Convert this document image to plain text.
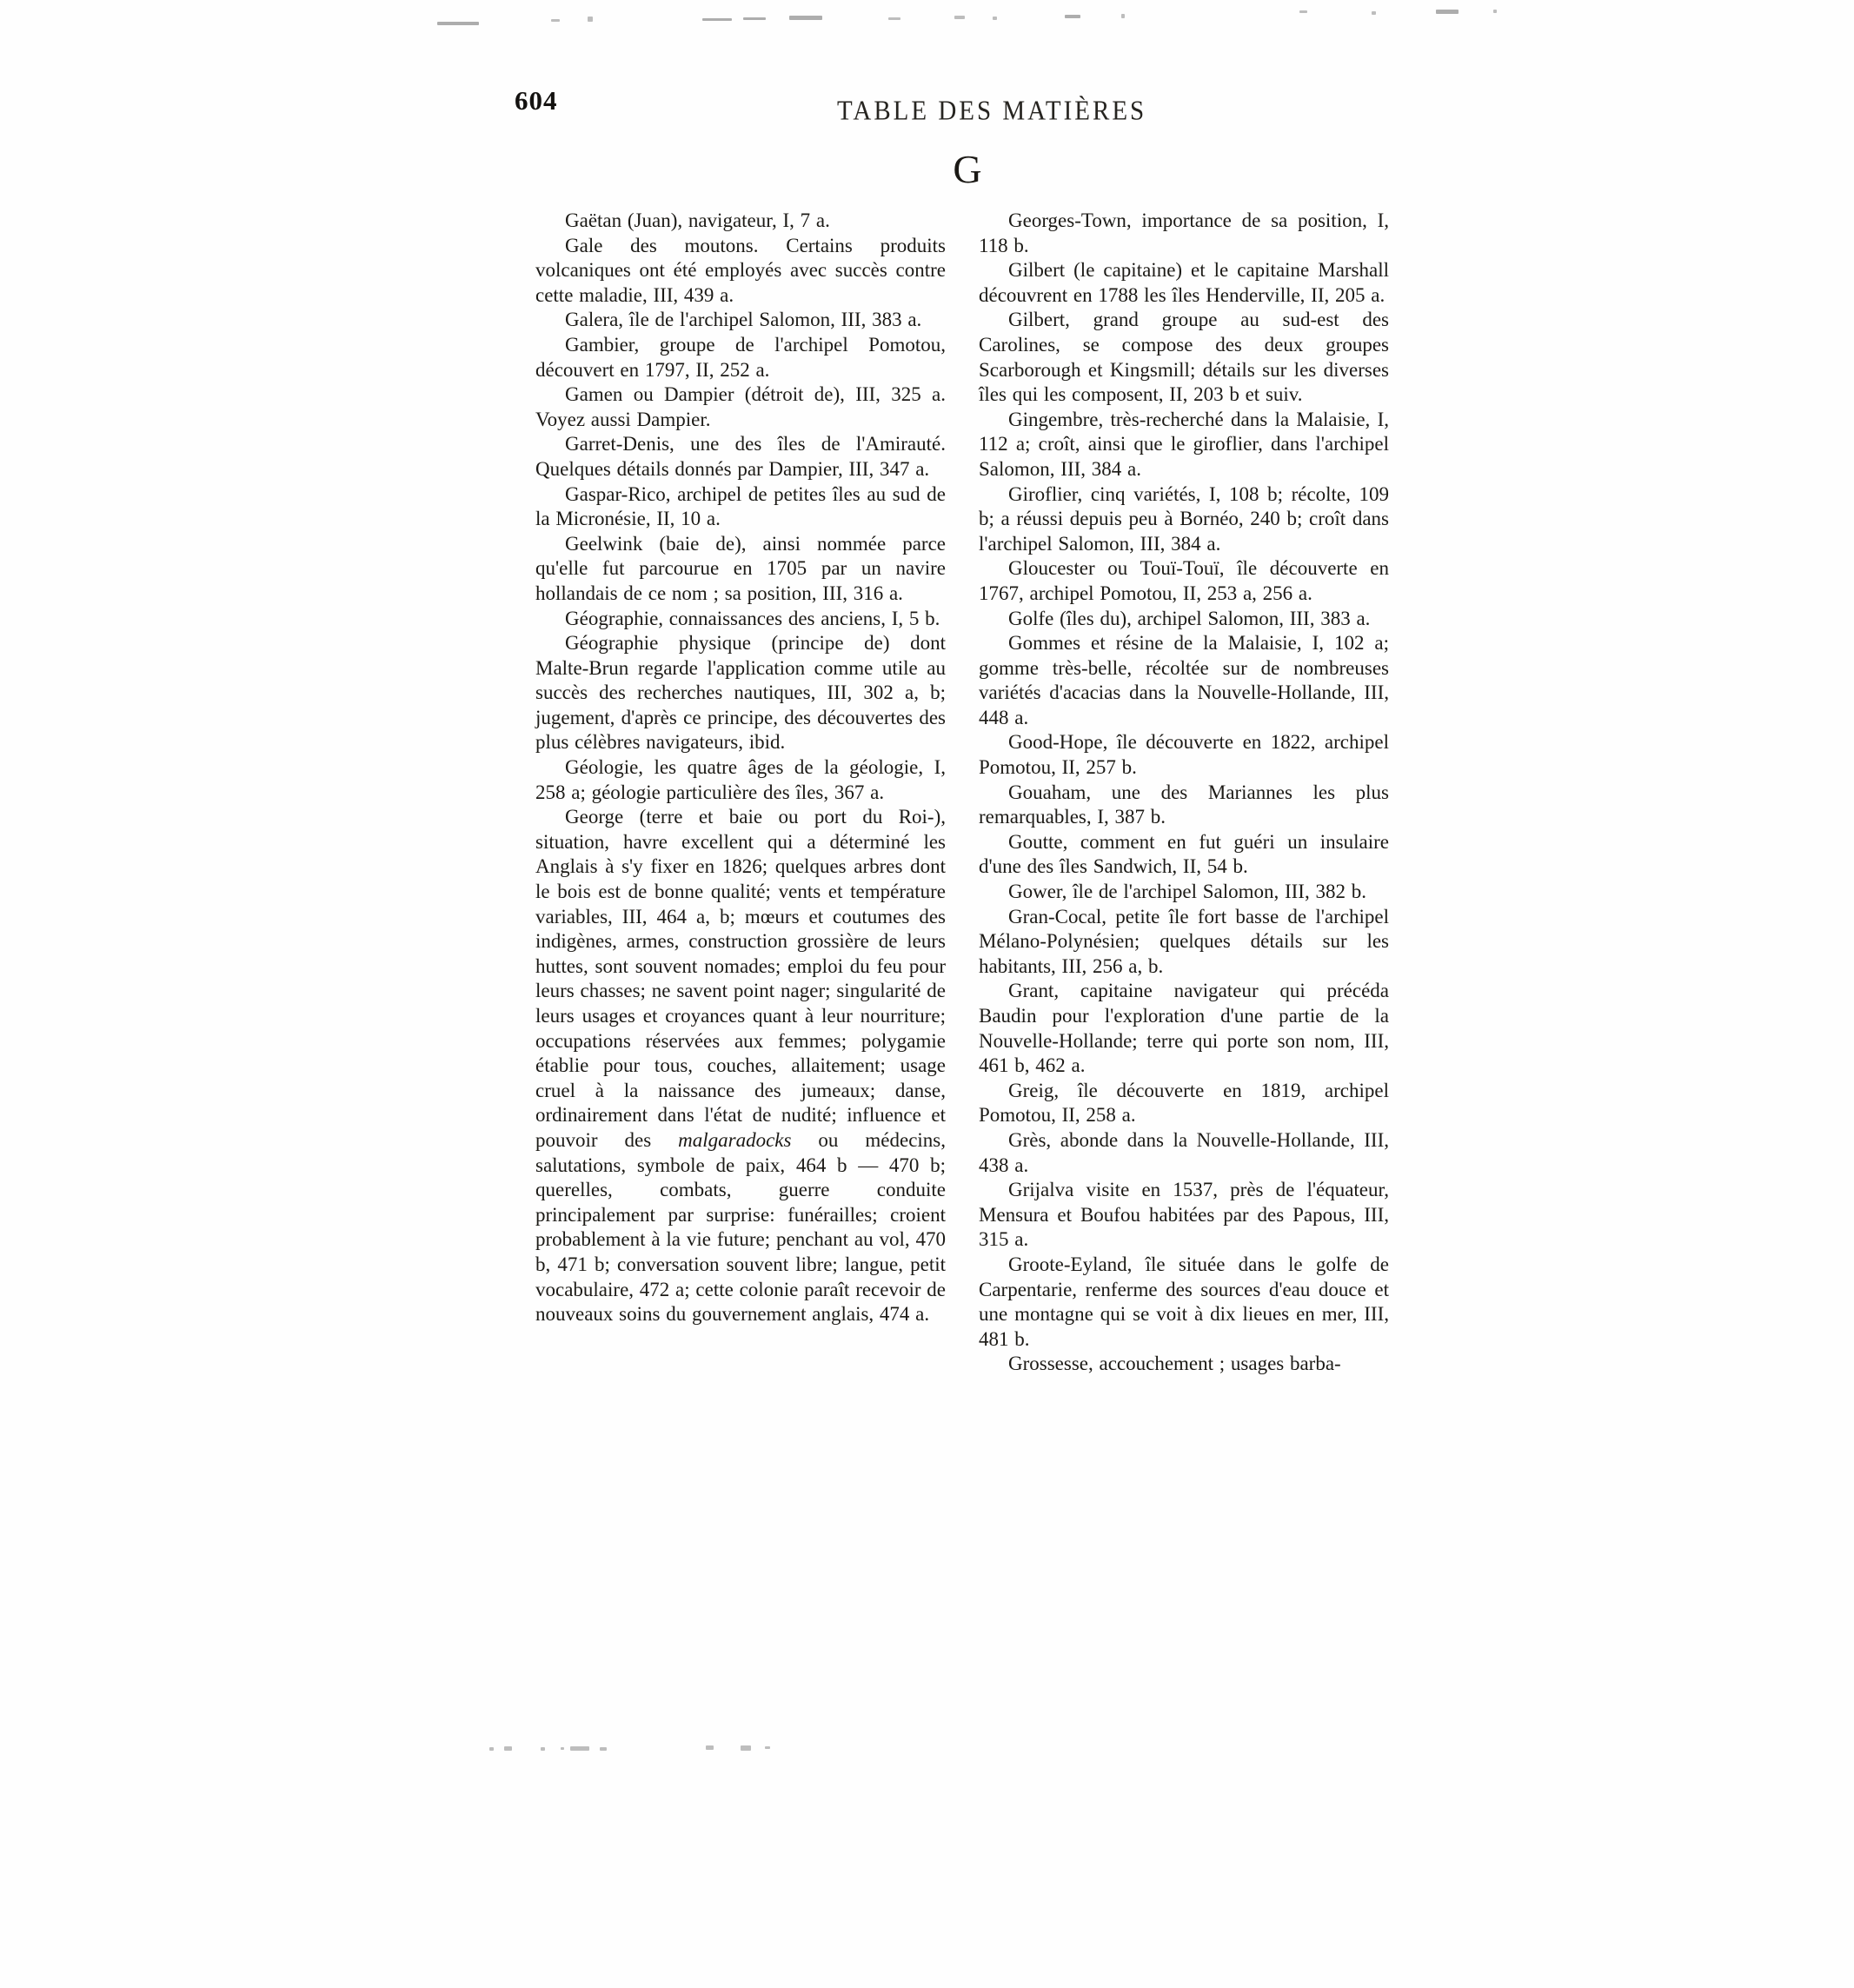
604	TABLE DES MATIÈRES
G

Gaëtan (Juan), navigateur, I, 7 a.

Gale des moutons. Certains produits volcaniques ont été employés avec succès contre cette maladie, III, 439 a.

Galera, île de l'archipel Salomon, III, 383 a.

Gambier, groupe de l'archipel Pomotou, découvert en 1797, II, 252 a.

Gamen ou Dampier (détroit de), III, 325 a. Voyez aussi Dampier.

Garret-Denis, une des îles de l'Amirauté. Quelques détails donnés par Dampier, III, 347 a.

Gaspar-Rico, archipel de petites îles au sud de la Micronésie, II, 10 a.

Geelwink (baie de), ainsi nommée parce qu'elle fut parcourue en 1705 par un navire hollandais de ce nom ; sa position, III, 316 a.

Géographie, connaissances des anciens, I, 5 b.

Géographie physique (principe de) dont Malte-Brun regarde l'application comme utile au succès des recherches nautiques, III, 302 a, b; jugement, d'après ce principe, des découvertes des plus célèbres navigateurs, ibid.

Géologie, les quatre âges de la géologie, I, 258 a; géologie particulière des îles, 367 a.

George (terre et baie ou port du Roi-), situation, havre excellent qui a déterminé les Anglais à s'y fixer en 1826; quelques arbres dont le bois est de bonne qualité; vents et température variables, III, 464 a, b; mœurs et coutumes des indigènes, armes, construction grossière de leurs huttes, sont souvent nomades; emploi du feu pour leurs chasses; ne savent point nager; singularité de leurs usages et croyances quant à leur nourriture; occupations réservées aux femmes; polygamie établie pour tous, couches, allaitement; usage cruel à la naissance des jumeaux; danse, ordinairement dans l'état de nudité; influence et pouvoir des malgaradocks ou médecins, salutations, symbole de paix, 464 b — 470 b; querelles, combats, guerre conduite principalement par surprise: funérailles; croient probablement à la vie future; penchant au vol, 470 b, 471 b; conversation souvent libre; langue, petit vocabulaire, 472 a; cette colonie paraît recevoir de nouveaux soins du gouvernement anglais, 474 a.

Georges-Town, importance de sa position, I, 118 b.

Gilbert (le capitaine) et le capitaine Marshall découvrent en 1788 les îles Henderville, II, 205 a.

Gilbert, grand groupe au sud-est des Carolines, se compose des deux groupes Scarborough et Kingsmill; détails sur les diverses îles qui les composent, II, 203 b et suiv.

Gingembre, très-recherché dans la Malaisie, I, 112 a; croît, ainsi que le giroflier, dans l'archipel Salomon, III, 384 a.

Giroflier, cinq variétés, I, 108 b; récolte, 109 b; a réussi depuis peu à Bornéo, 240 b; croît dans l'archipel Salomon, III, 384 a.

Gloucester ou Touï-Touï, île découverte en 1767, archipel Pomotou, II, 253 a, 256 a.

Golfe (îles du), archipel Salomon, III, 383 a.

Gommes et résine de la Malaisie, I, 102 a; gomme très-belle, récoltée sur de nombreuses variétés d'acacias dans la Nouvelle-Hollande, III, 448 a.

Good-Hope, île découverte en 1822, archipel Pomotou, II, 257 b.

Gouaham, une des Mariannes les plus remarquables, I, 387 b.

Goutte, comment en fut guéri un insulaire d'une des îles Sandwich, II, 54 b.

Gower, île de l'archipel Salomon, III, 382 b.

Gran-Cocal, petite île fort basse de l'archipel Mélano-Polynésien; quelques détails sur les habitants, III, 256 a, b.

Grant, capitaine navigateur qui précéda Baudin pour l'exploration d'une partie de la Nouvelle-Hollande; terre qui porte son nom, III, 461 b, 462 a.

Greig, île découverte en 1819, archipel Pomotou, II, 258 a.

Grès, abonde dans la Nouvelle-Hollande, III, 438 a.

Grijalva visite en 1537, près de l'équateur, Mensura et Boufou habitées par des Papous, III, 315 a.

Groote-Eyland, île située dans le golfe de Carpentarie, renferme des sources d'eau douce et une montagne qui se voit à dix lieues en mer, III, 481 b.

Grossesse, accouchement ; usages barba-
